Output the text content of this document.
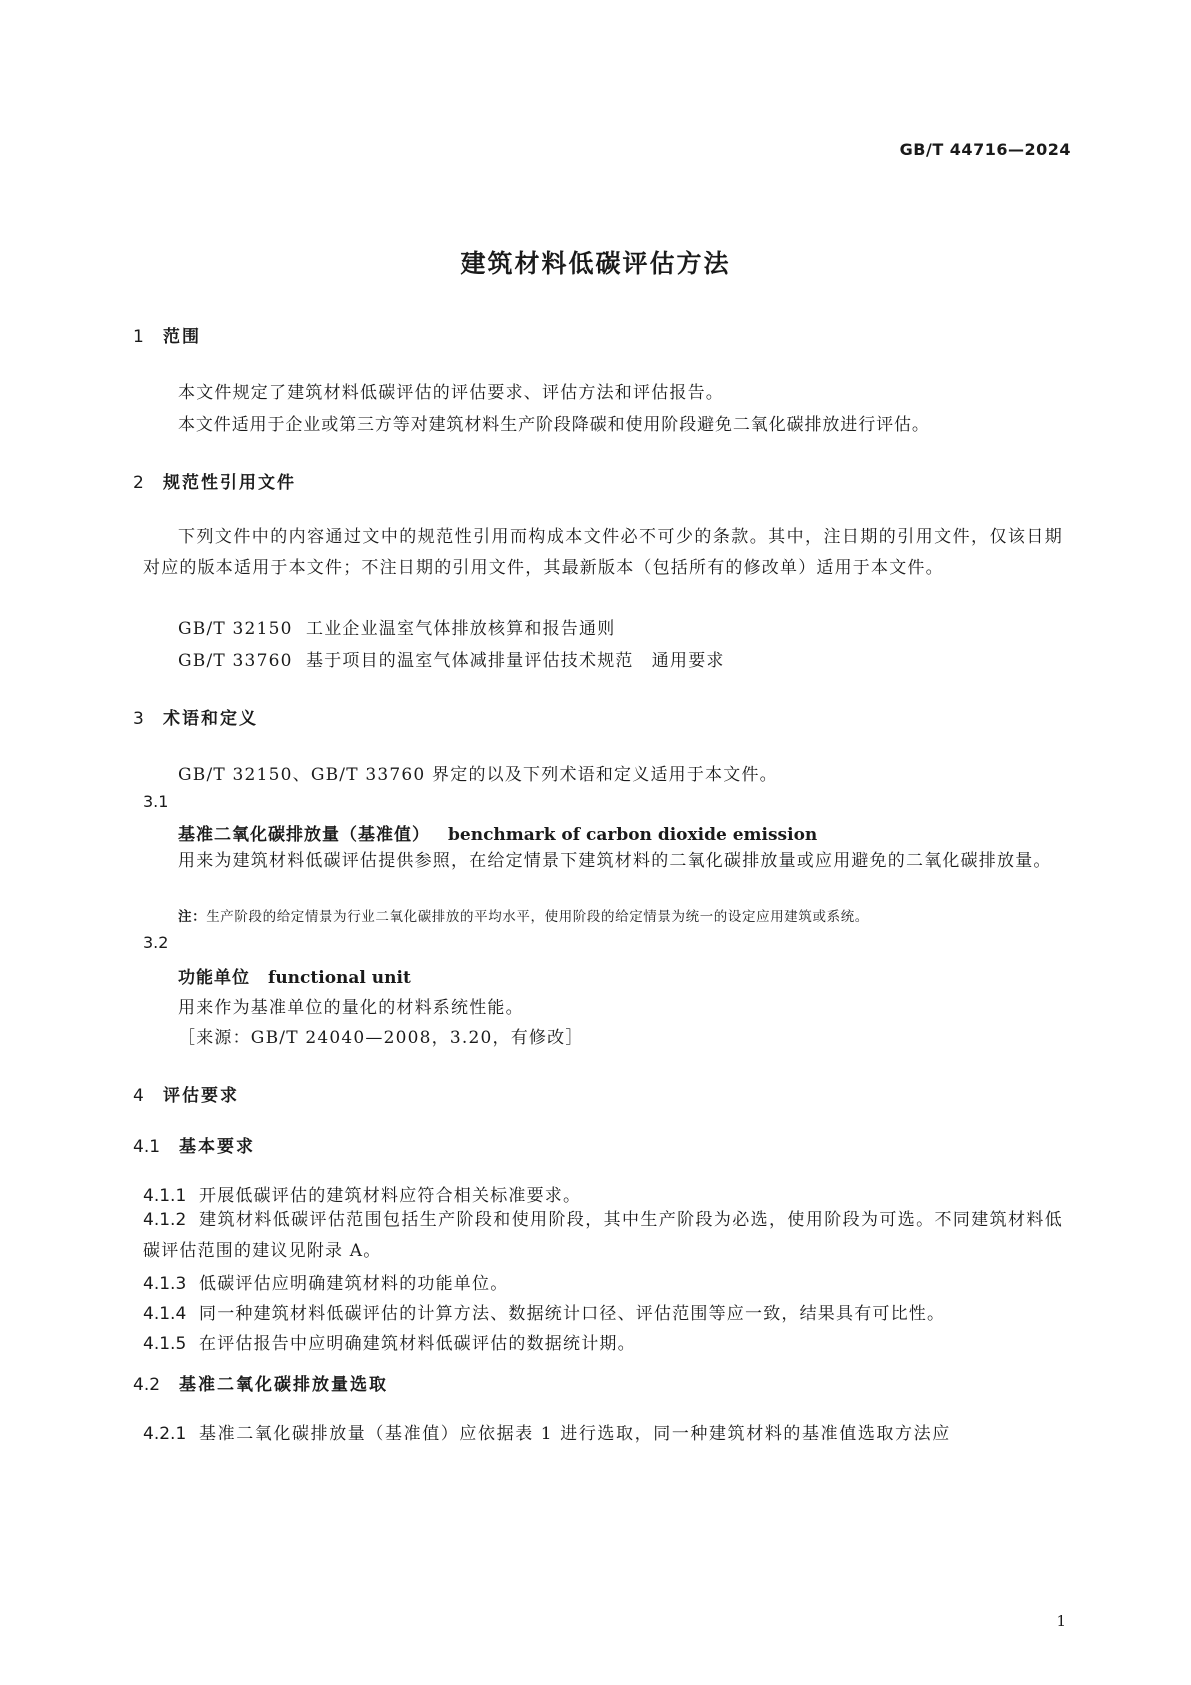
GB/T 44716—2024
建筑材料低碳评估方法
1 范围
本文件规定了建筑材料低碳评估的评估要求、评估方法和评估报告。
本文件适用于企业或第三方等对建筑材料生产阶段降碳和使用阶段避免二氧化碳排放进行评估。
2 规范性引用文件
下列文件中的内容通过文中的规范性引用而构成本文件必不可少的条款。其中，注日期的引用文件，仅该日期对应的版本适用于本文件；不注日期的引用文件，其最新版本（包括所有的修改单）适用于本文件。
GB/T 32150 工业企业温室气体排放核算和报告通则
GB/T 33760 基于项目的温室气体减排量评估技术规范　通用要求
3 术语和定义
GB/T 32150、GB/T 33760 界定的以及下列术语和定义适用于本文件。
3.1
基准二氧化碳排放量（基准值） benchmark of carbon dioxide emission
用来为建筑材料低碳评估提供参照，在给定情景下建筑材料的二氧化碳排放量或应用避免的二氧化碳排放量。
注：生产阶段的给定情景为行业二氧化碳排放的平均水平，使用阶段的给定情景为统一的设定应用建筑或系统。
3.2
功能单位 functional unit
用来作为基准单位的量化的材料系统性能。
［来源：GB/T 24040—2008，3.20，有修改］
4 评估要求
4.1 基本要求
4.1.1 开展低碳评估的建筑材料应符合相关标准要求。
4.1.2 建筑材料低碳评估范围包括生产阶段和使用阶段，其中生产阶段为必选，使用阶段为可选。不同建筑材料低碳评估范围的建议见附录 A。
4.1.3 低碳评估应明确建筑材料的功能单位。
4.1.4 同一种建筑材料低碳评估的计算方法、数据统计口径、评估范围等应一致，结果具有可比性。
4.1.5 在评估报告中应明确建筑材料低碳评估的数据统计期。
4.2 基准二氧化碳排放量选取
4.2.1 基准二氧化碳排放量（基准值）应依据表 1 进行选取，同一种建筑材料的基准值选取方法应
1
